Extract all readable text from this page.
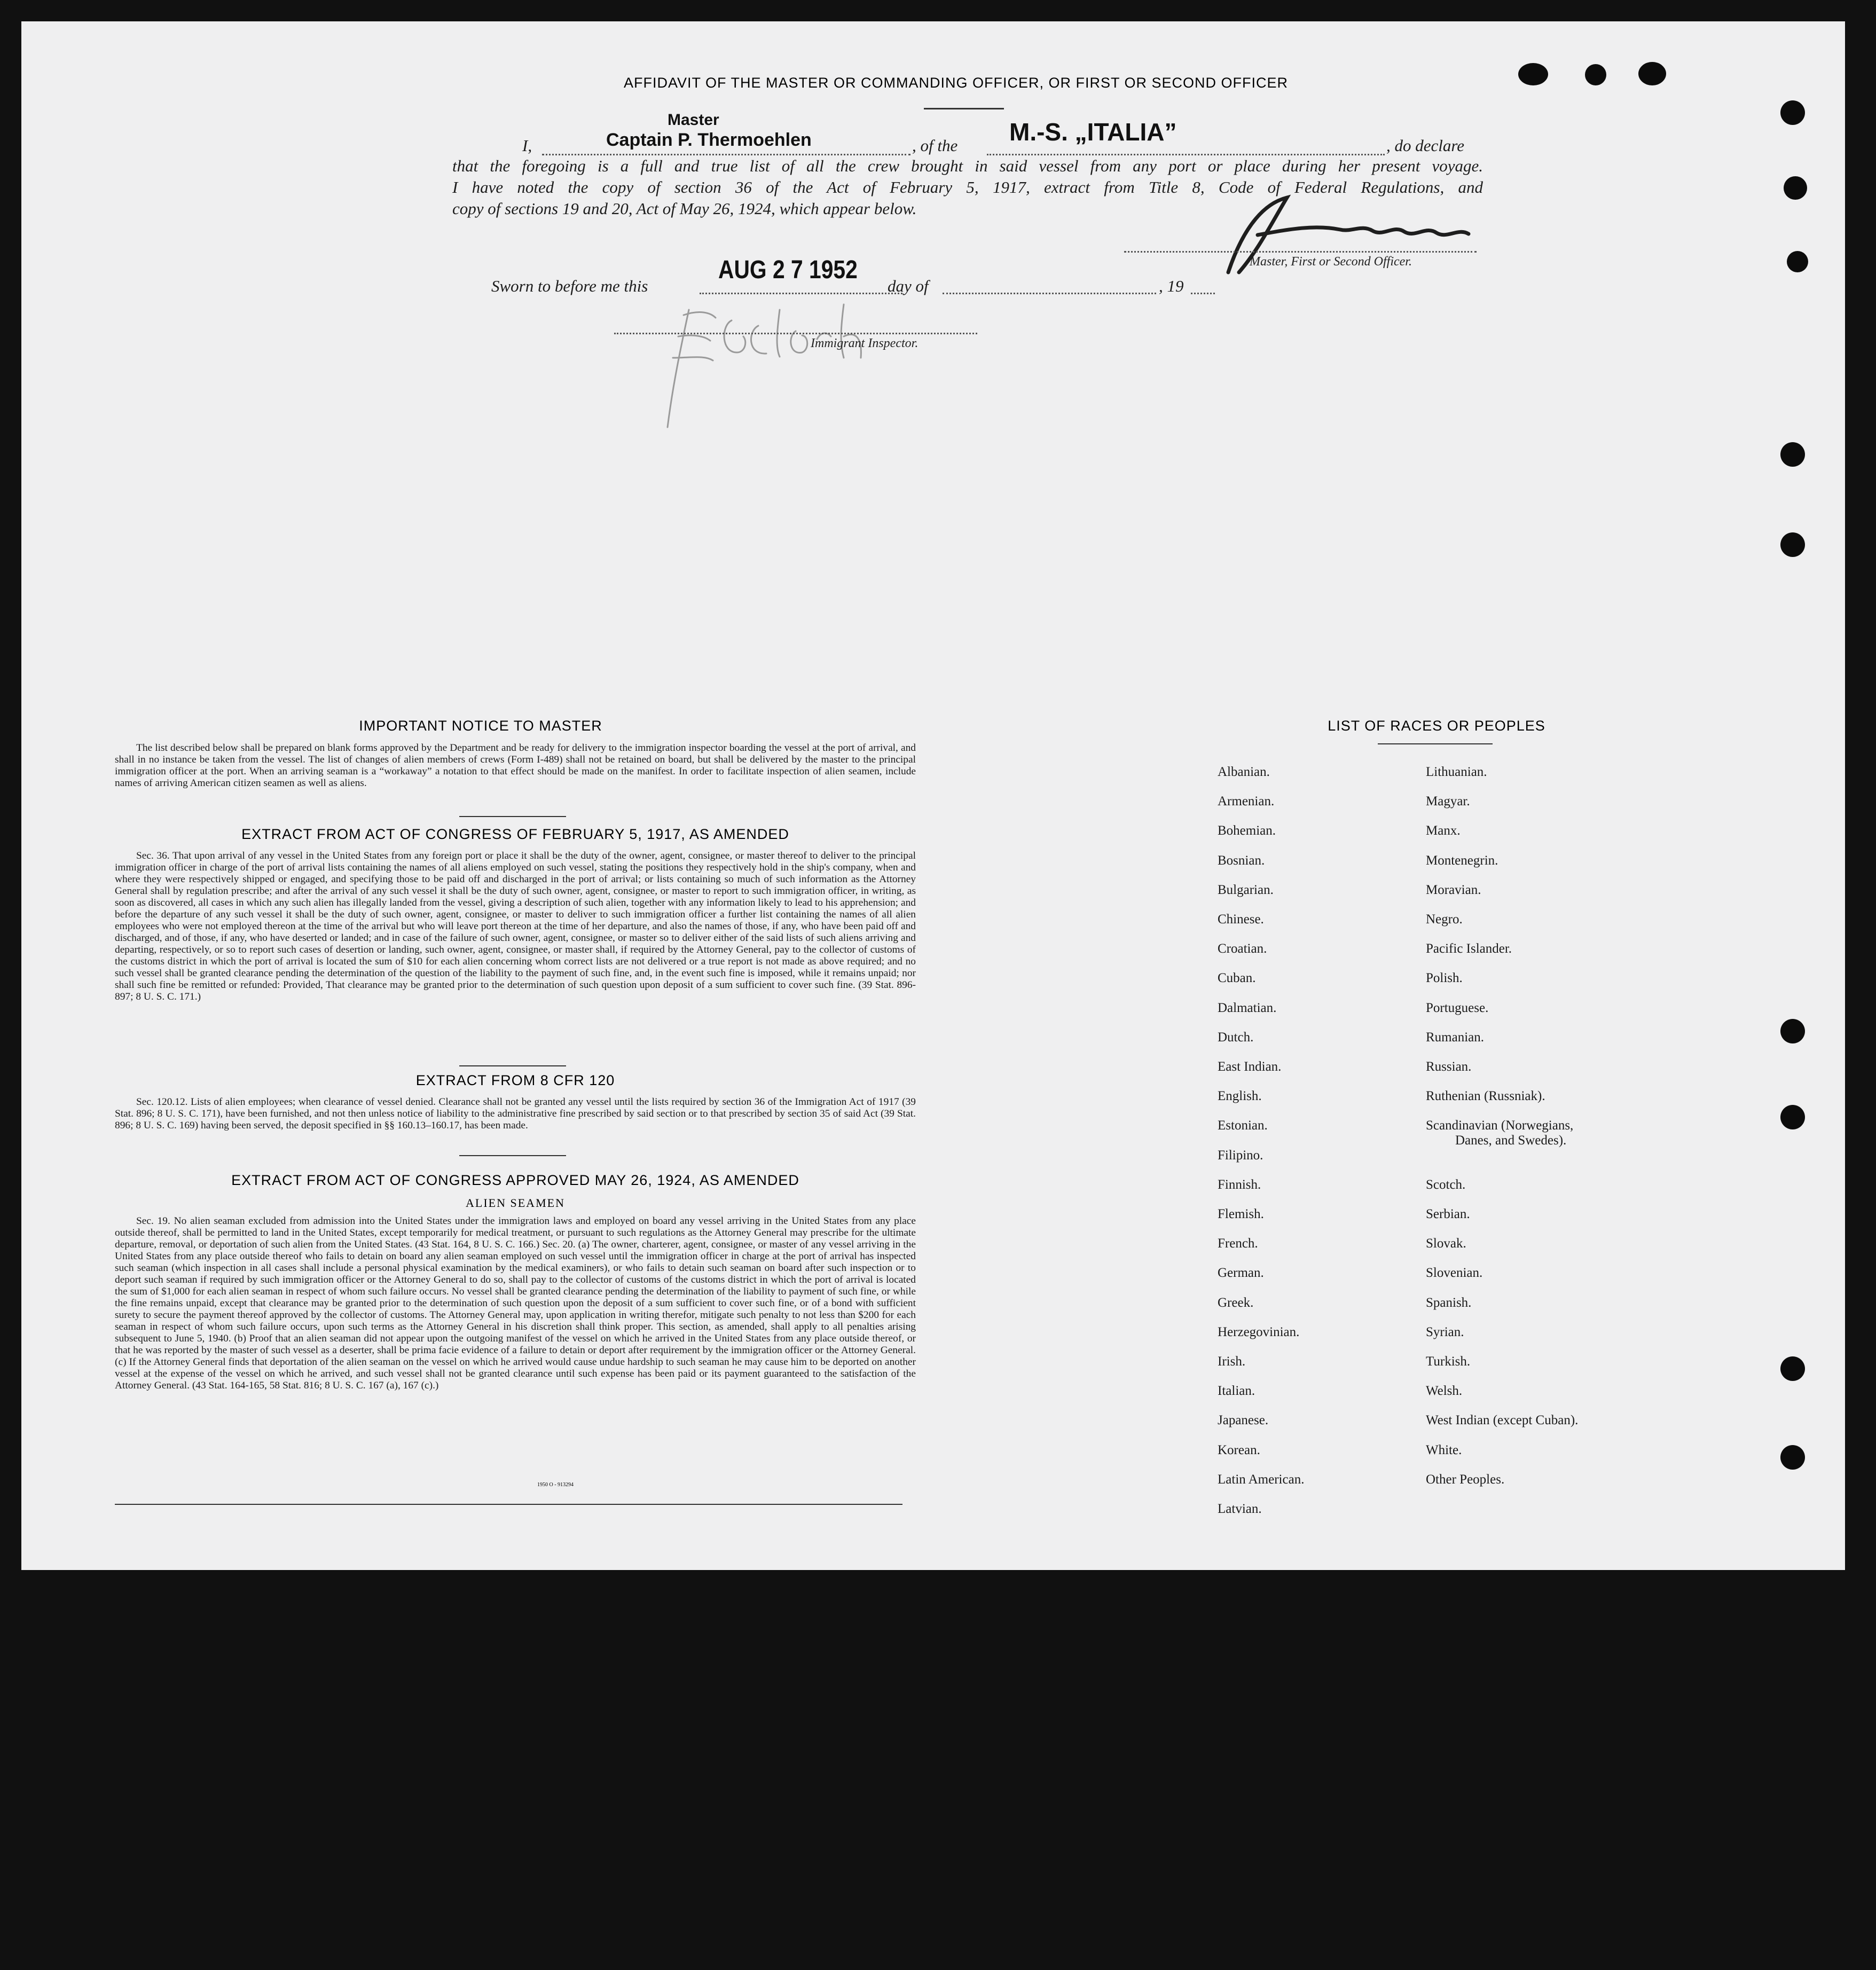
AFFIDAVIT OF THE MASTER OR COMMANDING OFFICER, OR FIRST OR SECOND OFFICER
Master
I,	Captain P. Thermoehlen	, of the M.-S. „ITALIA”	, do declare
that the foregoing is a full and true list of all the crew brought in said vessel from any port or place during her present voyage.
I have noted the copy of section 36 of the Act of February 5, 1917, extract from Title 8, Code of Federal Regulations, and
copy of sections 19 and 20, Act of May 26, 1924, which appear below.
Master, First or Second Officer.
Sworn to before me this
AUG 2 7 1952
day of	, 19
Immigrant Inspector.
IMPORTANT NOTICE TO MASTER
The list described below shall be prepared on blank forms approved by the Department and be ready for delivery to the immigration inspector boarding the vessel at the port of arrival, and shall in no instance be taken from the vessel. The list of changes of alien members of crews (Form I-489) shall not be retained on board, but shall be delivered by the master to the principal immigration officer at the port. When an arriving seaman is a “workaway” a notation to that effect should be made on the manifest. In order to facilitate inspection of alien seamen, include names of arriving American citizen seamen as well as aliens.
EXTRACT FROM ACT OF CONGRESS OF FEBRUARY 5, 1917, AS AMENDED
Sec. 36. That upon arrival of any vessel in the United States from any foreign port or place it shall be the duty of the owner, agent, consignee, or master thereof to deliver to the principal immigration officer in charge of the port of arrival lists containing the names of all aliens employed on such vessel, stating the positions they respectively hold in the ship's company, when and where they were respectively shipped or engaged, and specifying those to be paid off and discharged in the port of arrival; or lists containing so much of such information as the Attorney General shall by regulation prescribe; and after the arrival of any such vessel it shall be the duty of such owner, agent, consignee, or master to report to such immigration officer, in writing, as soon as discovered, all cases in which any such alien has illegally landed from the vessel, giving a description of such alien, together with any information likely to lead to his apprehension; and before the departure of any such vessel it shall be the duty of such owner, agent, consignee, or master to deliver to such immigration officer a further list containing the names of all alien employees who were not employed thereon at the time of the arrival but who will leave port thereon at the time of her departure, and also the names of those, if any, who have been paid off and discharged, and of those, if any, who have deserted or landed; and in case of the failure of such owner, agent, consignee, or master so to deliver either of the said lists of such aliens arriving and departing, respectively, or so to report such cases of desertion or landing, such owner, agent, consignee, or master shall, if required by the Attorney General, pay to the collector of customs of the customs district in which the port of arrival is located the sum of $10 for each alien concerning whom correct lists are not delivered or a true report is not made as above required; and no such vessel shall be granted clearance pending the determination of the question of the liability to the payment of such fine, and, in the event such fine is imposed, while it remains unpaid; nor shall such fine be remitted or refunded: Provided, That clearance may be granted prior to the determination of such question upon deposit of a sum sufficient to cover such fine. (39 Stat. 896-897; 8 U. S. C. 171.)
EXTRACT FROM 8 CFR 120
Sec. 120.12. Lists of alien employees; when clearance of vessel denied. Clearance shall not be granted any vessel until the lists required by section 36 of the Immigration Act of 1917 (39 Stat. 896; 8 U. S. C. 171), have been furnished, and not then unless notice of liability to the administrative fine prescribed by said section or to that prescribed by section 35 of said Act (39 Stat. 896; 8 U. S. C. 169) having been served, the deposit specified in §§ 160.13–160.17, has been made.
EXTRACT FROM ACT OF CONGRESS APPROVED MAY 26, 1924, AS AMENDED
ALIEN SEAMEN
Sec. 19. No alien seaman excluded from admission into the United States under the immigration laws and employed on board any vessel arriving in the United States from any place outside thereof, shall be permitted to land in the United States, except temporarily for medical treatment, or pursuant to such regulations as the Attorney General may prescribe for the ultimate departure, removal, or deportation of such alien from the United States. (43 Stat. 164, 8 U. S. C. 166.) Sec. 20. (a) The owner, charterer, agent, consignee, or master of any vessel arriving in the United States from any place outside thereof who fails to detain on board any alien seaman employed on such vessel until the immigration officer in charge at the port of arrival has inspected such seaman (which inspection in all cases shall include a personal physical examination by the medical examiners), or who fails to detain such seaman on board after such inspection or to deport such seaman if required by such immigration officer or the Attorney General to do so, shall pay to the collector of customs of the customs district in which the port of arrival is located the sum of $1,000 for each alien seaman in respect of whom such failure occurs. No vessel shall be granted clearance pending the determination of the liability to payment of such fine, or while the fine remains unpaid, except that clearance may be granted prior to the determination of such question upon the deposit of a sum sufficient to cover such fine, or of a bond with sufficient surety to secure the payment thereof approved by the collector of customs. The Attorney General may, upon application in writing therefor, mitigate such penalty to not less than $200 for each seaman in respect of whom such failure occurs, upon such terms as the Attorney General in his discretion shall think proper. This section, as amended, shall apply to all penalties arising subsequent to June 5, 1940. (b) Proof that an alien seaman did not appear upon the outgoing manifest of the vessel on which he arrived in the United States from any place outside thereof, or that he was reported by the master of such vessel as a deserter, shall be prima facie evidence of a failure to detain or deport after requirement by the immigration officer or the Attorney General. (c) If the Attorney General finds that deportation of the alien seaman on the vessel on which he arrived would cause undue hardship to such seaman he may cause him to be deported on another vessel at the expense of the vessel on which he arrived, and such vessel shall not be granted clearance until such expense has been paid or its payment guaranteed to the satisfaction of the Attorney General. (43 Stat. 164-165, 58 Stat. 816; 8 U. S. C. 167 (a), 167 (c).)
1950 O - 913294
LIST OF RACES OR PEOPLES
Albanian.
Armenian.
Bohemian.
Bosnian.
Bulgarian.
Chinese.
Croatian.
Cuban.
Dalmatian.
Dutch.
East Indian.
English.
Estonian.
Filipino.
Finnish.
Flemish.
French.
German.
Greek.
Herzegovinian.
Irish.
Italian.
Japanese.
Korean.
Latin American.
Latvian.
Lithuanian.
Magyar.
Manx.
Montenegrin.
Moravian.
Negro.
Pacific Islander.
Polish.
Portuguese.
Rumanian.
Russian.
Ruthenian (Russniak).
Scandinavian (Norwegians,
Danes, and Swedes).
Scotch.
Serbian.
Slovak.
Slovenian.
Spanish.
Syrian.
Turkish.
Welsh.
West Indian (except Cuban).
White.
Other Peoples.
